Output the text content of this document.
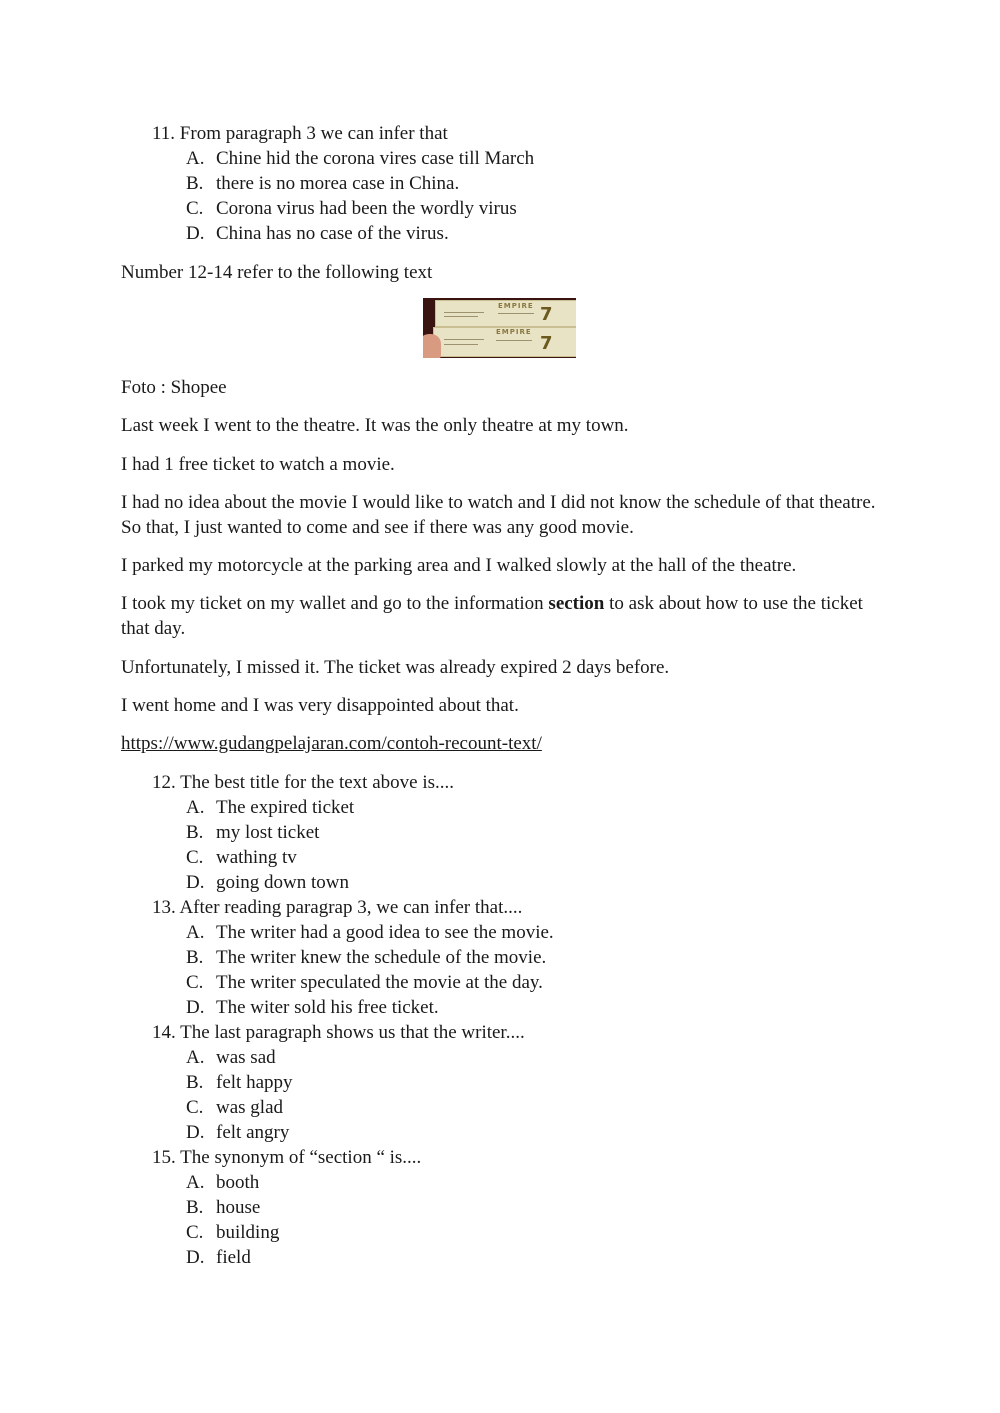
11. From paragraph 3 we can infer that
A. Chine hid the corona vires case till March
B. there is no morea case in China.
C. Corona virus had been the wordly virus
D. China has no case of the virus.
Number 12-14 refer to the following text
EMPIRE 7
EMPIRE
7
Foto : Shopee
Last week I went to the theatre. It was the only theatre at my town.
I had 1 free ticket to watch a movie.
I had no idea about the movie I would like to watch and I did not know the schedule of that theatre. So that, I just wanted to come and see if there was any good movie.
I parked my motorcycle at the parking area and I walked slowly at the hall of the theatre.
I took my ticket on my wallet and go to the information section to ask about how to use the ticket that day.
Unfortunately, I missed it. The ticket was already expired 2 days before.
I went home and I was very disappointed about that.
https://www.gudangpelajaran.com/contoh-recount-text/
12. The best title for the text above is....
A. The expired ticket
B. my lost ticket
C. wathing tv
D. going down town
13. After reading paragrap 3, we can infer that....
A. The writer had a good idea to see the movie.
B. The writer knew the schedule of the movie.
C. The writer speculated the movie at the day.
D. The witer sold his free ticket.
14. The last paragraph shows us that the writer....
A. was sad
B. felt happy
C. was glad
D. felt angry
15. The synonym of “section “ is....
A. booth
B. house
C. building
D. field
